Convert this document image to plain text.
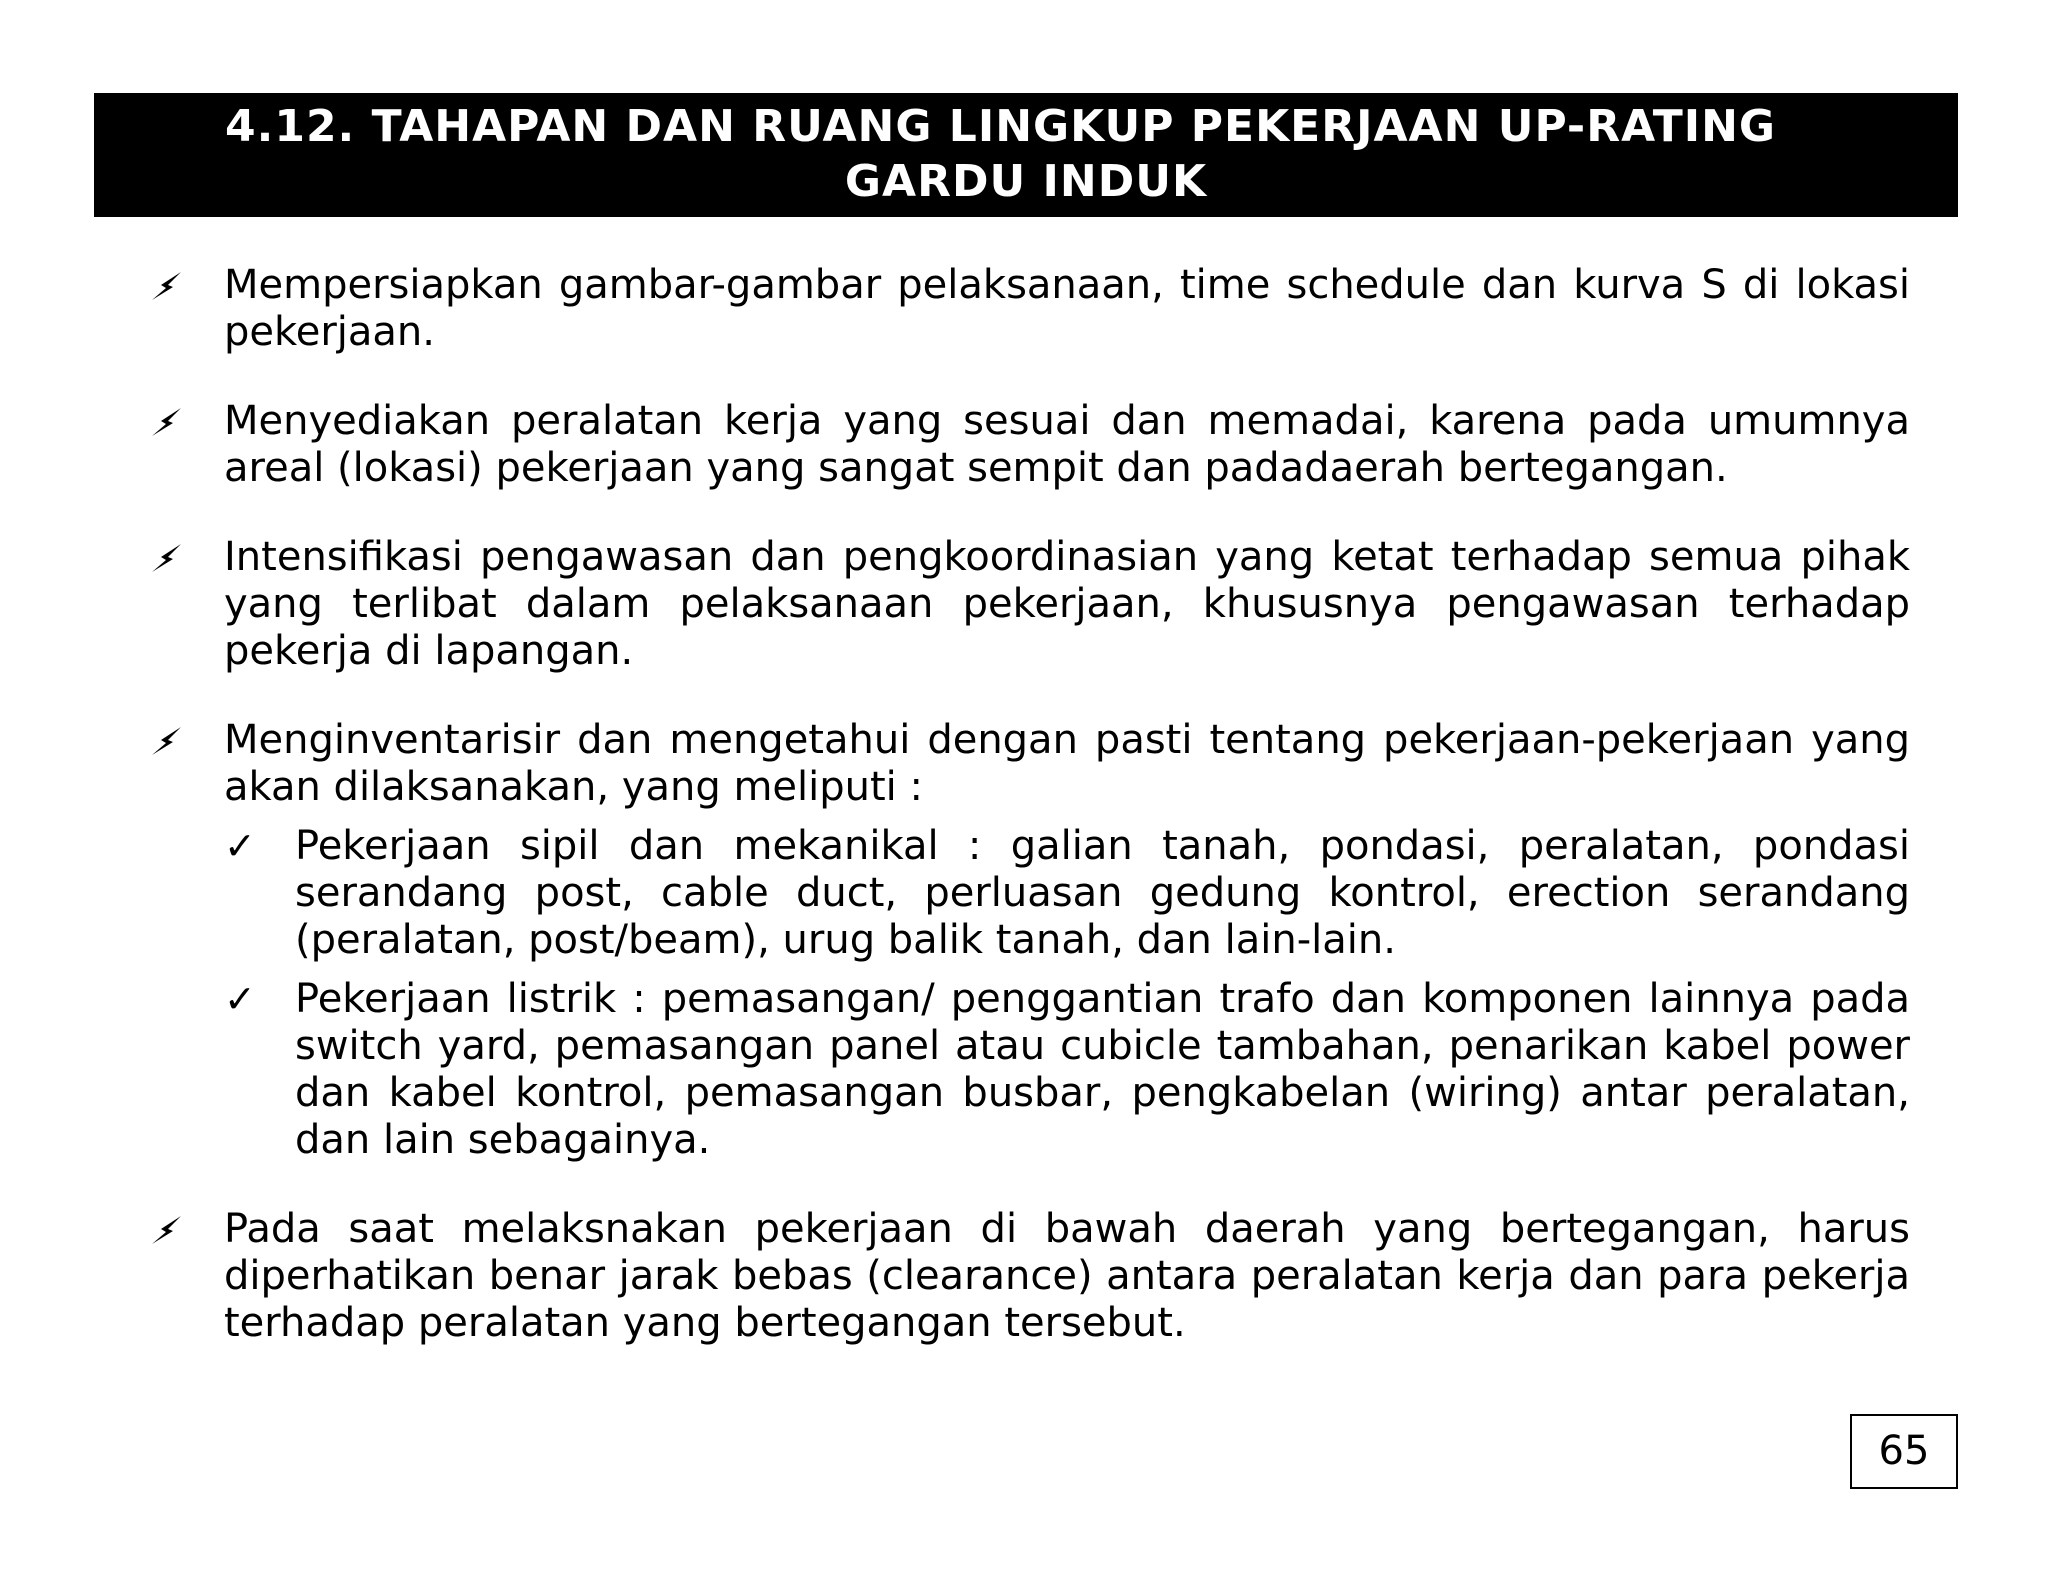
4.12. TAHAPAN DAN RUANG LINGKUP PEKERJAAN UP-RATING
GARDU INDUK
Mempersiapkan gambar-gambar pelaksanaan, time schedule dan kurva S di lokasi pekerjaan.
Menyediakan peralatan kerja yang sesuai dan memadai, karena pada umumnya areal (lokasi) pekerjaan yang sangat sempit dan padadaerah bertegangan.
Intensifikasi pengawasan dan pengkoordinasian yang ketat terhadap semua pihak yang terlibat dalam pelaksanaan pekerjaan, khususnya pengawasan terhadap pekerja di lapangan.
Menginventarisir dan mengetahui dengan pasti tentang pekerjaan-pekerjaan yang akan dilaksanakan, yang meliputi :
✓ Pekerjaan sipil dan mekanikal : galian tanah, pondasi, peralatan, pondasi serandang post, cable duct, perluasan gedung kontrol, erection serandang (peralatan, post/beam), urug balik tanah, dan lain-lain.
✓ Pekerjaan listrik : pemasangan/ penggantian trafo dan komponen lainnya pada switch yard, pemasangan panel atau cubicle tambahan, penarikan kabel power dan kabel kontrol, pemasangan busbar, pengkabelan (wiring) antar peralatan, dan lain sebagainya.
Pada saat melaksnakan pekerjaan di bawah daerah yang bertegangan, harus diperhatikan benar jarak bebas (clearance) antara peralatan kerja dan para pekerja terhadap peralatan yang bertegangan tersebut.
65
